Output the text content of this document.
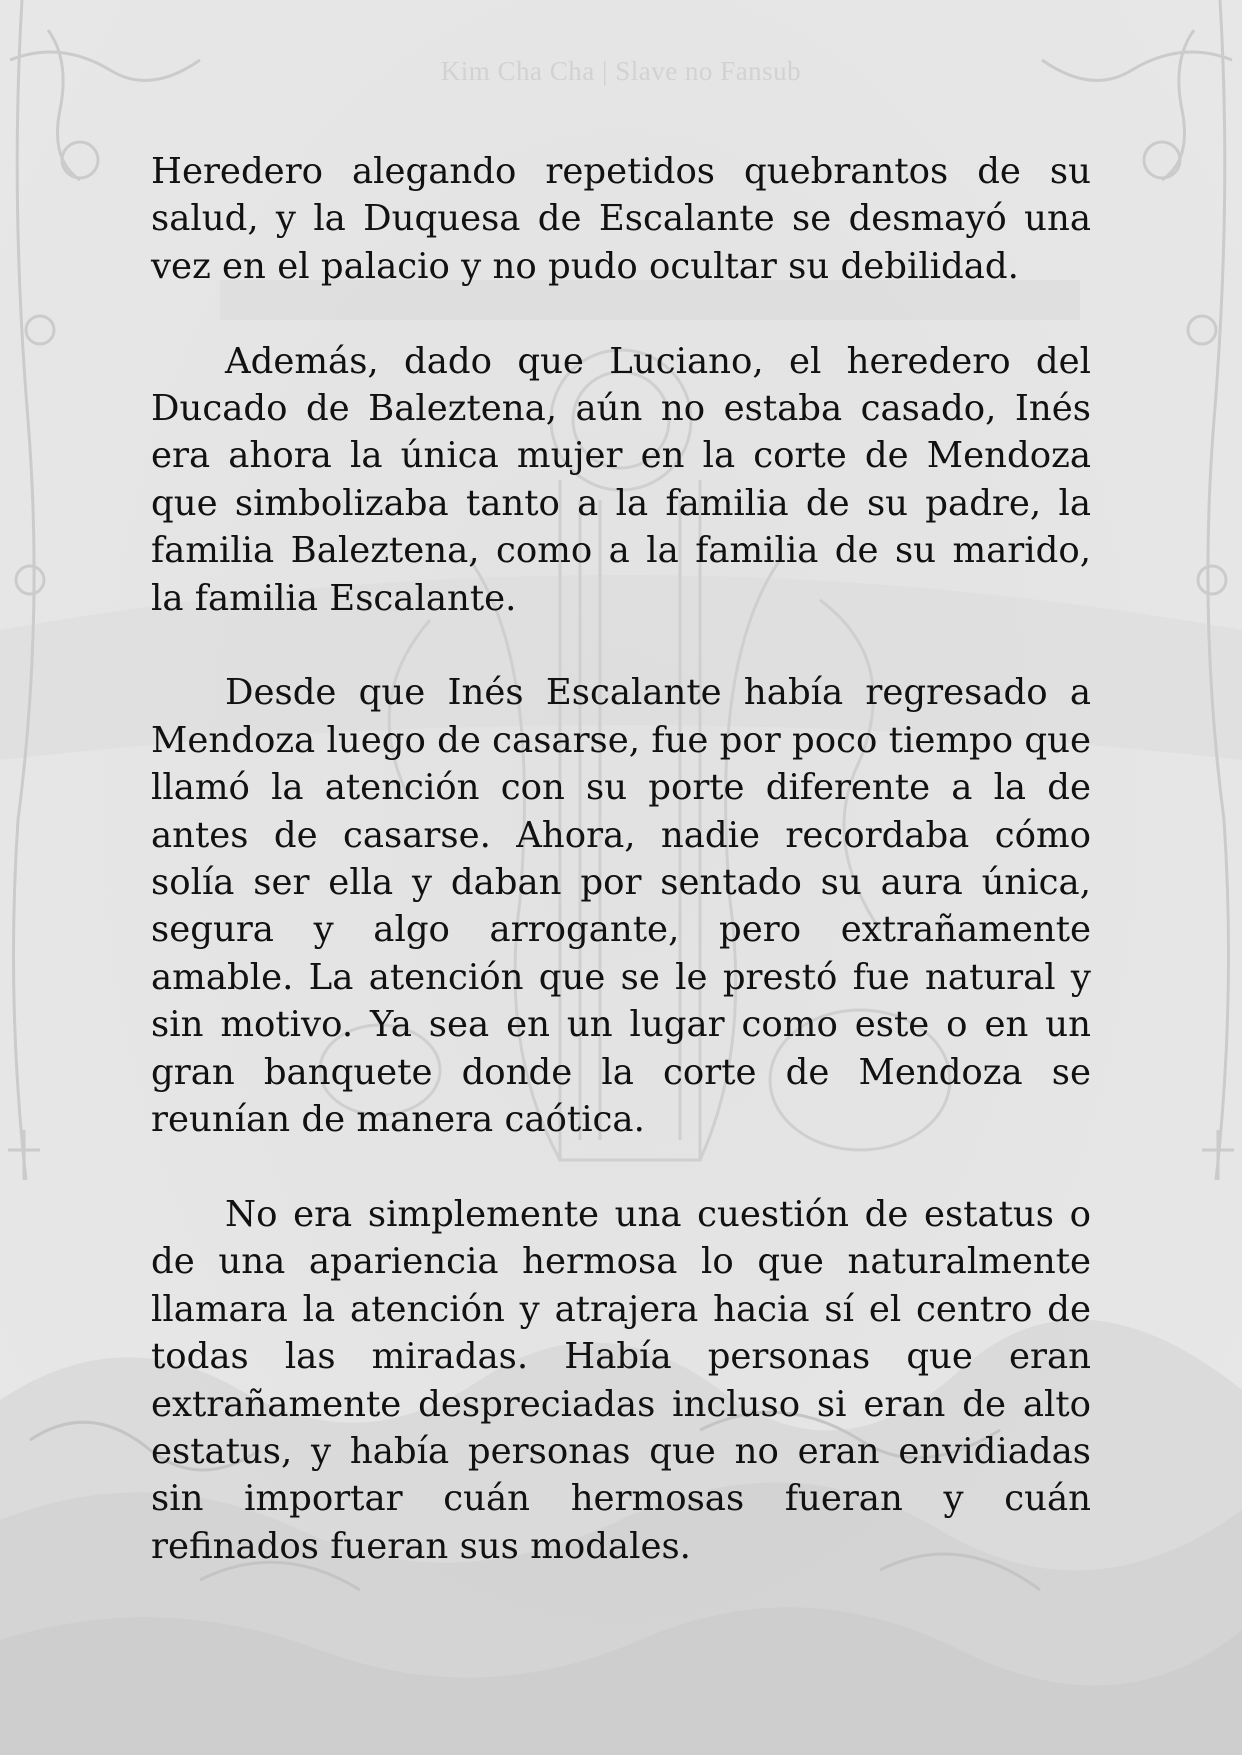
Kim Cha Cha | Slave no Fansub

Heredero alegando repetidos quebrantos de su salud, y la Duquesa de Escalante se desmayó una vez en el palacio y no pudo ocultar su debilidad.

Además, dado que Luciano, el heredero del Ducado de Baleztena, aún no estaba casado, Inés era ahora la única mujer en la corte de Mendoza que simbolizaba tanto a la familia de su padre, la familia Baleztena, como a la familia de su marido, la familia Escalante.

Desde que Inés Escalante había regresado a Mendoza luego de casarse, fue por poco tiempo que llamó la atención con su porte diferente a la de antes de casarse. Ahora, nadie recordaba cómo solía ser ella y daban por sentado su aura única, segura y algo arrogante, pero extrañamente amable. La atención que se le prestó fue natural y sin motivo. Ya sea en un lugar como este o en un gran banquete donde la corte de Mendoza se reunían de manera caótica.

No era simplemente una cuestión de estatus o de una apariencia hermosa lo que naturalmente llamara la atención y atrajera hacia sí el centro de todas las miradas. Había personas que eran extrañamente despreciadas incluso si eran de alto estatus, y había personas que no eran envidiadas sin importar cuán hermosas fueran y cuán refinados fueran sus modales.
